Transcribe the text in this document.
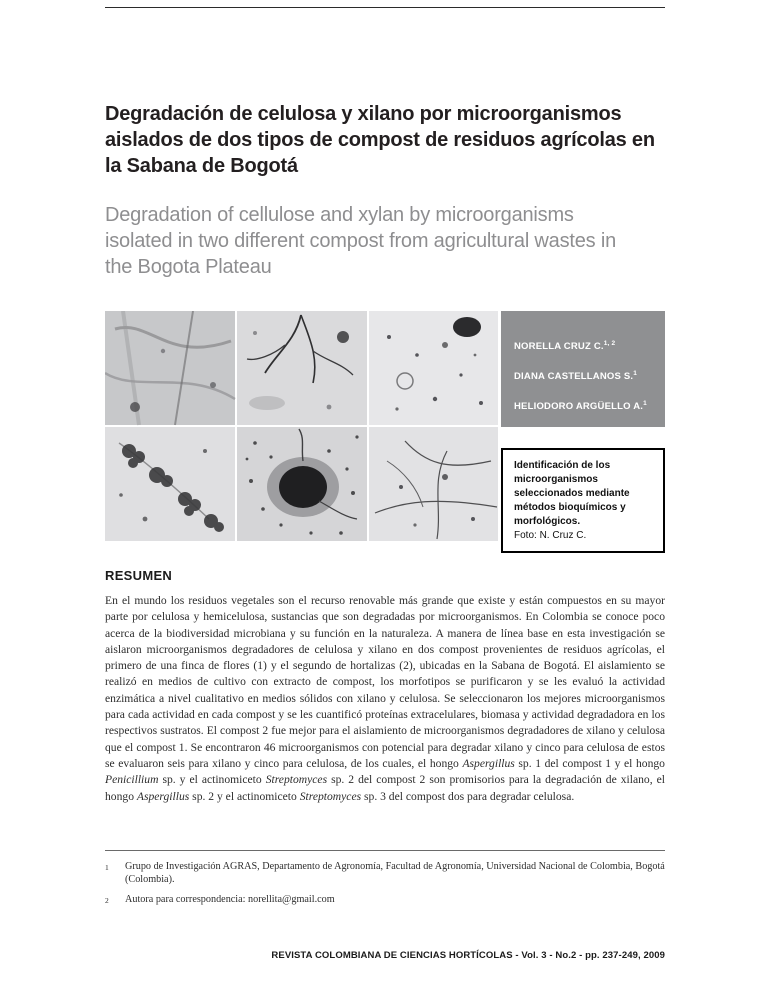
Degradación de celulosa y xilano por microorganismos aislados de dos tipos de compost de residuos agrícolas en la Sabana de Bogotá
Degradation of cellulose and xylan by microorganisms isolated in two different compost from agricultural wastes in the Bogota Plateau
NORELLA CRUZ C.$^{1, 2}$
DIANA CASTELLANOS S.$^1$
HELIODORO ARGÜELLO A.$^1$
Identificación de los microorganismos seleccionados mediante métodos bioquímicos y morfológicos.
Foto: N. Cruz C.
RESUMEN

En el mundo los residuos vegetales son el recurso renovable más grande que existe y están compuestos en su mayor parte por celulosa y hemicelulosa, sustancias que son degradadas por microorganismos. En Colombia se conoce poco acerca de la biodiversidad microbiana y su función en la naturaleza. A manera de línea base en esta investigación se aislaron microorganismos degradadores de celulosa y xilano en dos compost provenientes de residuos agrícolas, el primero de una finca de flores (1) y el segundo de hortalizas (2), ubicadas en la Sabana de Bogotá. El aislamiento se realizó en medios de cultivo con extracto de compost, los morfotipos se purificaron y se les evaluó la actividad enzimática a nivel cualitativo en medios sólidos con xilano y celulosa. Se seleccionaron los mejores microorganismos para cada actividad en cada compost y se les cuantificó proteínas extracelulares, biomasa y actividad degradadora en los respectivos sustratos. El compost 2 fue mejor para el aislamiento de microorganismos degradadores de xilano y celulosa que el compost 1. Se encontraron 46 microorganismos con potencial para degradar xilano y cinco para celulosa de estos se evaluaron seis para xilano y cinco para celulosa, de los cuales, el hongo Aspergillus sp. 1 del compost 1 y el hongo Penicillium sp. y el actinomiceto Streptomyces sp. 2 del compost 2 son promisorios para la degradación de xilano, el hongo Aspergillus sp. 2 y el actinomiceto Streptomyces sp. 3 del compost dos para degradar celulosa.

1	Grupo de Investigación AGRAS, Departamento de Agronomía, Facultad de Agronomía, Universidad Nacional de Colombia, Bogotá (Colombia).
2	Autora para correspondencia: norellita@gmail.com
REVISTA COLOMBIANA DE CIENCIAS HORTÍCOLAS - Vol. 3 - No.2 - pp. 237-249, 2009
